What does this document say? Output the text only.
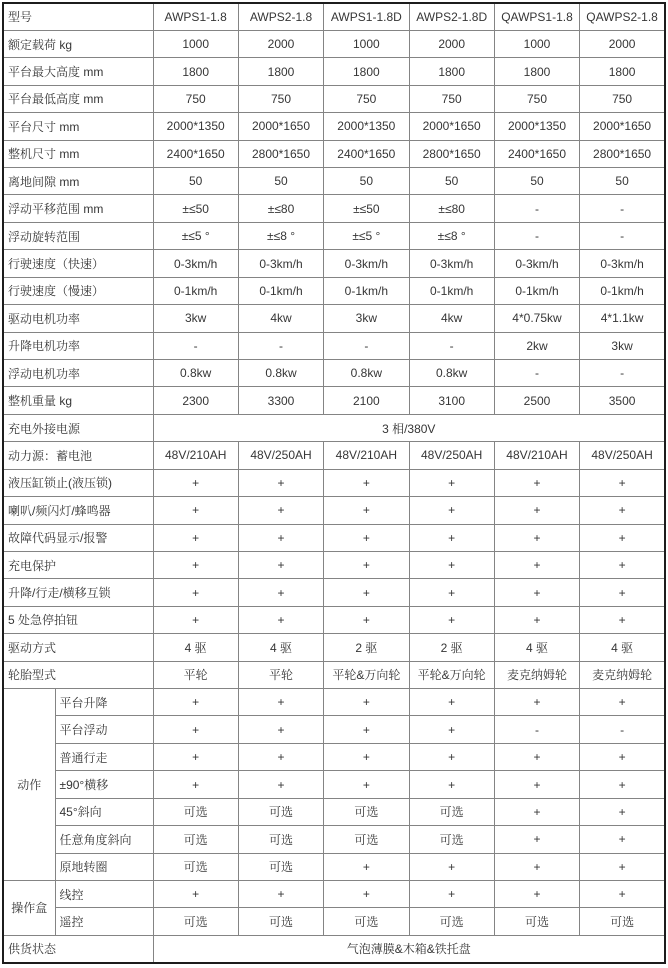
型号		AWPS1-1.8	AWPS2-1.8	AWPS1-1.8D	AWPS2-1.8D	QAWPS1-1.8	QAWPS2-1.8
额定载荷 kg		1000	2000	1000	2000	1000	2000
平台最大高度 mm		1800	1800	1800	1800	1800	1800
平台最低高度 mm		750	750	750	750	750	750
平台尺寸 mm		2000*1350	2000*1650	2000*1350	2000*1650	2000*1350	2000*1650
整机尺寸 mm		2400*1650	2800*1650	2400*1650	2800*1650	2400*1650	2800*1650
离地间隙 mm		50	50	50	50	50	50
浮动平移范围 mm		±≤50	±≤80	±≤50	±≤80	-	-
浮动旋转范围		±≤5 °	±≤8 °	±≤5 °	±≤8 °	-	-
行驶速度（快速）		0-3km/h	0-3km/h	0-3km/h	0-3km/h	0-3km/h	0-3km/h
行驶速度（慢速）		0-1km/h	0-1km/h	0-1km/h	0-1km/h	0-1km/h	0-1km/h
驱动电机功率		3kw	4kw	3kw	4kw	4*0.75kw	4*1.1kw
升降电机功率		-	-	-	-	2kw	3kw
浮动电机功率		0.8kw	0.8kw	0.8kw	0.8kw	-	-
整机重量 kg		2300	3300	2100	3100	2500	3500
充电外接电源		3 相/380V					
动力源：蓄电池		48V/210AH	48V/250AH	48V/210AH	48V/250AH	48V/210AH	48V/250AH
液压缸锁止(液压锁)		+	+	+	+	+	+
喇叭/频闪灯/蜂鸣器		+	+	+	+	+	+
故障代码显示/报警		+	+	+	+	+	+
充电保护		+	+	+	+	+	+
升降/行走/横移互锁		+	+	+	+	+	+
5 处急停拍钮		+	+	+	+	+	+
驱动方式		4 驱	4 驱	2 驱	2 驱	4 驱	4 驱
轮胎型式		平轮	平轮	平轮&万向轮	平轮&万向轮	麦克纳姆轮	麦克纳姆轮
动作	平台升降	+	+	+	+	+	+
	平台浮动	+	+	+	+	-	-
	普通行走	+	+	+	+	+	+
	±90°横移	+	+	+	+	+	+
	45°斜向	可选	可选	可选	可选	+	+
	任意角度斜向	可选	可选	可选	可选	+	+
	原地转圈	可选	可选	+	+	+	+
操作盒	线控	+	+	+	+	+	+
	遥控	可选	可选	可选	可选	可选	可选
供货状态		气泡薄膜&木箱&铁托盘					
